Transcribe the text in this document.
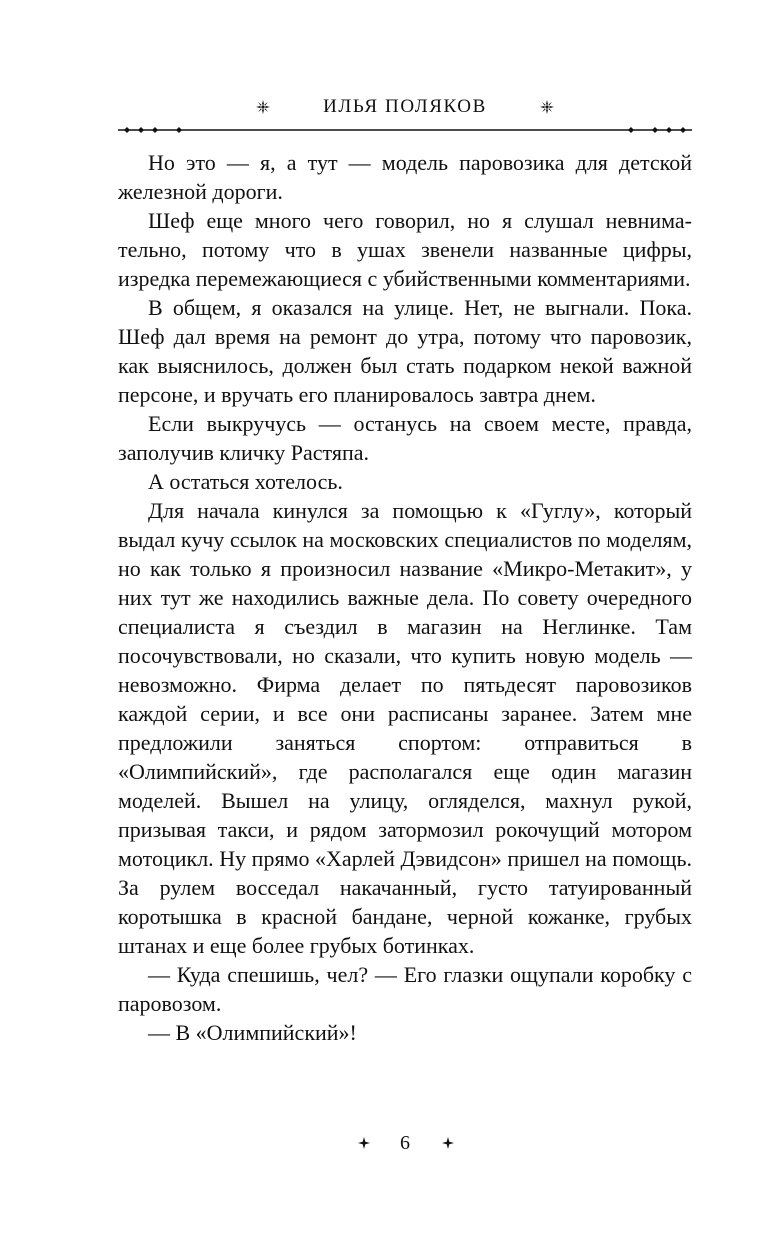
ИЛЬЯ ПОЛЯКОВ

Но это — я, а тут — модель паровозика для детской железной дороги.

Шеф еще много чего говорил, но я слушал невнимательно, потому что в ушах звенели названные цифры, изредка перемежающиеся с убийственными комментариями.

В общем, я оказался на улице. Нет, не выгнали. Пока. Шеф дал время на ремонт до утра, потому что паровозик, как выяснилось, должен был стать подарком некой важной персоне, и вручать его планировалось завтра днем.

Если выкручусь — останусь на своем месте, правда, заполучив кличку Растяпа.

А остаться хотелось.

Для начала кинулся за помощью к «Гуглу», который выдал кучу ссылок на московских специалистов по моделям, но как только я произносил название «Микро-Метакит», у них тут же находились важные дела. По совету очередного специалиста я съездил в магазин на Неглинке. Там посочувствовали, но сказали, что купить новую модель — невозможно. Фирма делает по пятьдесят паровозиков каждой серии, и все они расписаны заранее. Затем мне предложили заняться спортом: отправиться в «Олимпийский», где располагался еще один магазин моделей. Вышел на улицу, огляделся, махнул рукой, призывая такси, и рядом затормозил рокочущий мотором мотоцикл. Ну прямо «Харлей Дэвидсон» пришел на помощь. За рулем восседал накачанный, густо татуированный коротышка в красной бандане, черной кожанке, грубых штанах и еще более грубых ботинках.

— Куда спешишь, чел? — Его глазки ощупали коробку с паровозом.

— В «Олимпийский»!

6
